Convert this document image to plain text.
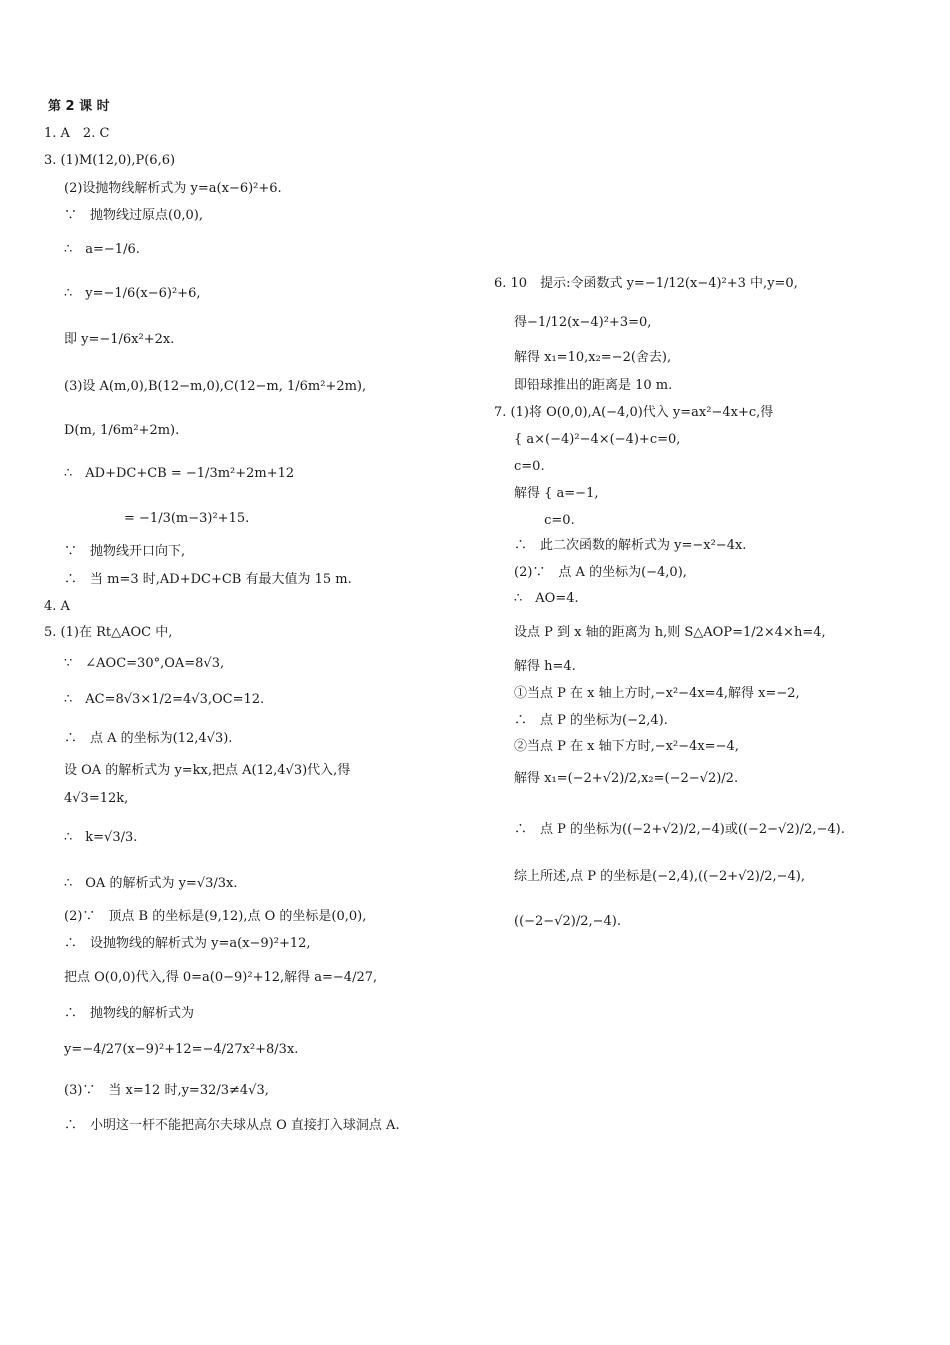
第 2 课 时
1. A　2. C
3. (1)M(12,0),P(6,6)
(2)设抛物线解析式为 y=a(x−6)²+6.
∵　抛物线过原点(0,0),
∴　a=−1/6.
∴　y=−1/6(x−6)²+6,
即 y=−1/6x²+2x.
(3)设 A(m,0),B(12−m,0),C(12−m, 1/6m²+2m),
D(m, 1/6m²+2m).
∴　AD+DC+CB = −1/3m²+2m+12
= −1/3(m−3)²+15.
∵　抛物线开口向下,
∴　当 m=3 时,AD+DC+CB 有最大值为 15 m.
4. A
5. (1)在 Rt△AOC 中,
∵　∠AOC=30°,OA=8√3,
∴　AC=8√3×1/2=4√3,OC=12.
∴　点 A 的坐标为(12,4√3).
设 OA 的解析式为 y=kx,把点 A(12,4√3)代入,得
4√3=12k,
∴　k=√3/3.
∴　OA 的解析式为 y=√3/3x.
(2)∵　顶点 B 的坐标是(9,12),点 O 的坐标是(0,0),
∴　设抛物线的解析式为 y=a(x−9)²+12,
把点 O(0,0)代入,得 0=a(0−9)²+12,解得 a=−4/27,
∴　抛物线的解析式为
y=−4/27(x−9)²+12=−4/27x²+8/3x.
(3)∵　当 x=12 时,y=32/3≠4√3,
∴　小明这一杆不能把高尔夫球从点 O 直接打入球洞点 A.
6. 10　提示:令函数式 y=−1/12(x−4)²+3 中,y=0,
得−1/12(x−4)²+3=0,
解得 x₁=10,x₂=−2(舍去),
即铅球推出的距离是 10 m.
7. (1)将 O(0,0),A(−4,0)代入 y=ax²−4x+c,得
{ a×(−4)²−4×(−4)+c=0,
c=0.
解得 { a=−1,
　　 c=0.
∴　此二次函数的解析式为 y=−x²−4x.
(2)∵　点 A 的坐标为(−4,0),
∴　AO=4.
设点 P 到 x 轴的距离为 h,则 S△AOP=1/2×4×h=4,
解得 h=4.
①当点 P 在 x 轴上方时,−x²−4x=4,解得 x=−2,
∴　点 P 的坐标为(−2,4).
②当点 P 在 x 轴下方时,−x²−4x=−4,
解得 x₁=(−2+√2)/2,x₂=(−2−√2)/2.
∴　点 P 的坐标为((−2+√2)/2,−4)或((−2−√2)/2,−4).
综上所述,点 P 的坐标是(−2,4),((−2+√2)/2,−4),
((−2−√2)/2,−4).
